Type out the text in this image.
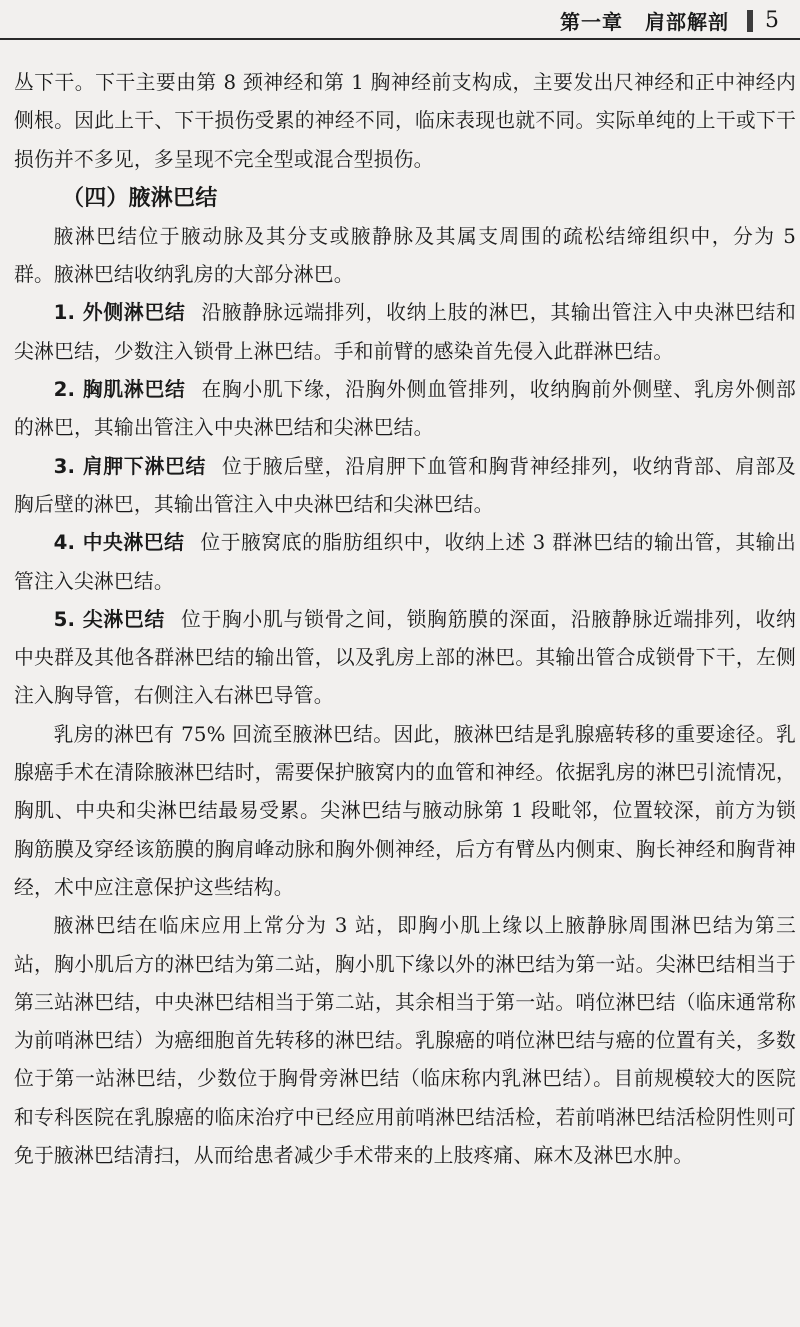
第一章 肩部解剖 5

丛下干。下干主要由第 8 颈神经和第 1 胸神经前支构成，主要发出尺神经和正中神经内侧根。因此上干、下干损伤受累的神经不同，临床表现也就不同。实际单纯的上干或下干损伤并不多见，多呈现不完全型或混合型损伤。

（四）腋淋巴结

腋淋巴结位于腋动脉及其分支或腋静脉及其属支周围的疏松结缔组织中，分为 5 群。腋淋巴结收纳乳房的大部分淋巴。

1. 外侧淋巴结 沿腋静脉远端排列，收纳上肢的淋巴，其输出管注入中央淋巴结和尖淋巴结，少数注入锁骨上淋巴结。手和前臂的感染首先侵入此群淋巴结。

2. 胸肌淋巴结 在胸小肌下缘，沿胸外侧血管排列，收纳胸前外侧壁、乳房外侧部的淋巴，其输出管注入中央淋巴结和尖淋巴结。

3. 肩胛下淋巴结 位于腋后壁，沿肩胛下血管和胸背神经排列，收纳背部、肩部及胸后壁的淋巴，其输出管注入中央淋巴结和尖淋巴结。

4. 中央淋巴结 位于腋窝底的脂肪组织中，收纳上述 3 群淋巴结的输出管，其输出管注入尖淋巴结。

5. 尖淋巴结 位于胸小肌与锁骨之间，锁胸筋膜的深面，沿腋静脉近端排列，收纳中央群及其他各群淋巴结的输出管，以及乳房上部的淋巴。其输出管合成锁骨下干，左侧注入胸导管，右侧注入右淋巴导管。

乳房的淋巴有 75% 回流至腋淋巴结。因此，腋淋巴结是乳腺癌转移的重要途径。乳腺癌手术在清除腋淋巴结时，需要保护腋窝内的血管和神经。依据乳房的淋巴引流情况，胸肌、中央和尖淋巴结最易受累。尖淋巴结与腋动脉第 1 段毗邻，位置较深，前方为锁胸筋膜及穿经该筋膜的胸肩峰动脉和胸外侧神经，后方有臂丛内侧束、胸长神经和胸背神经，术中应注意保护这些结构。

腋淋巴结在临床应用上常分为 3 站，即胸小肌上缘以上腋静脉周围淋巴结为第三站，胸小肌后方的淋巴结为第二站，胸小肌下缘以外的淋巴结为第一站。尖淋巴结相当于第三站淋巴结，中央淋巴结相当于第二站，其余相当于第一站。哨位淋巴结（临床通常称为前哨淋巴结）为癌细胞首先转移的淋巴结。乳腺癌的哨位淋巴结与癌的位置有关，多数位于第一站淋巴结，少数位于胸骨旁淋巴结（临床称内乳淋巴结）。目前规模较大的医院和专科医院在乳腺癌的临床治疗中已经应用前哨淋巴结活检，若前哨淋巴结活检阴性则可免于腋淋巴结清扫，从而给患者减少手术带来的上肢疼痛、麻木及淋巴水肿。
